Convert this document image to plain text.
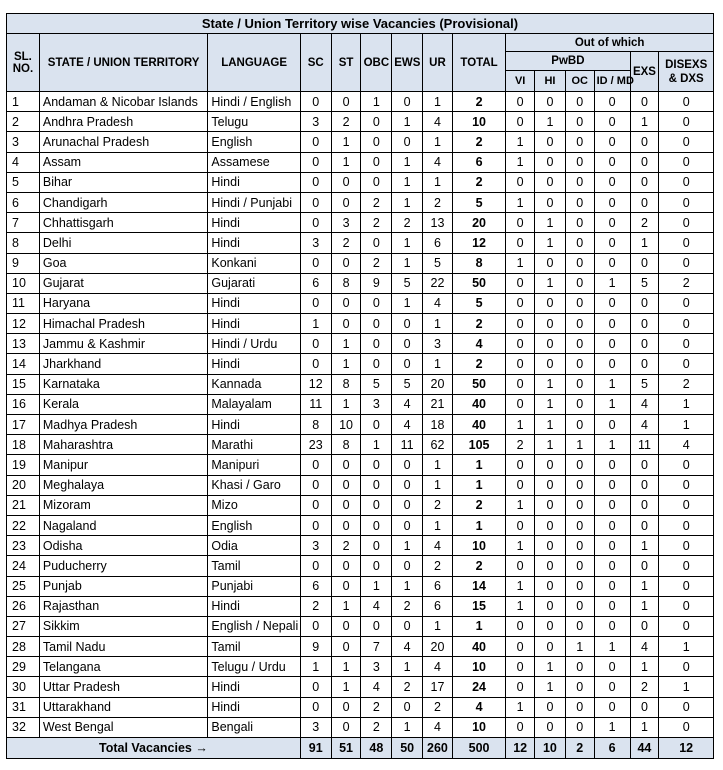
State / Union Territory wise Vacancies (Provisional)														
SL. NO.	STATE / UNION TERRITORY	LANGUAGE	SC	ST	OBC	EWS	UR	TOTAL	Out of which					
									PwBD				EXS	DISEXS & DXS
									VI	HI	OC	ID / MD		
1	Andaman & Nicobar Islands	Hindi / English	0	0	1	0	1	2	0	0	0	0	0	0
2	Andhra Pradesh	Telugu	3	2	0	1	4	10	0	1	0	0	1	0
3	Arunachal Pradesh	English	0	1	0	0	1	2	1	0	0	0	0	0
4	Assam	Assamese	0	1	0	1	4	6	1	0	0	0	0	0
5	Bihar	Hindi	0	0	0	1	1	2	0	0	0	0	0	0
6	Chandigarh	Hindi / Punjabi	0	0	2	1	2	5	1	0	0	0	0	0
7	Chhattisgarh	Hindi	0	3	2	2	13	20	0	1	0	0	2	0
8	Delhi	Hindi	3	2	0	1	6	12	0	1	0	0	1	0
9	Goa	Konkani	0	0	2	1	5	8	1	0	0	0	0	0
10	Gujarat	Gujarati	6	8	9	5	22	50	0	1	0	1	5	2
11	Haryana	Hindi	0	0	0	1	4	5	0	0	0	0	0	0
12	Himachal Pradesh	Hindi	1	0	0	0	1	2	0	0	0	0	0	0
13	Jammu & Kashmir	Hindi / Urdu	0	1	0	0	3	4	0	0	0	0	0	0
14	Jharkhand	Hindi	0	1	0	0	1	2	0	0	0	0	0	0
15	Karnataka	Kannada	12	8	5	5	20	50	0	1	0	1	5	2
16	Kerala	Malayalam	11	1	3	4	21	40	0	1	0	1	4	1
17	Madhya Pradesh	Hindi	8	10	0	4	18	40	1	1	0	0	4	1
18	Maharashtra	Marathi	23	8	1	11	62	105	2	1	1	1	11	4
19	Manipur	Manipuri	0	0	0	0	1	1	0	0	0	0	0	0
20	Meghalaya	Khasi / Garo	0	0	0	0	1	1	0	0	0	0	0	0
21	Mizoram	Mizo	0	0	0	0	2	2	1	0	0	0	0	0
22	Nagaland	English	0	0	0	0	1	1	0	0	0	0	0	0
23	Odisha	Odia	3	2	0	1	4	10	1	0	0	0	1	0
24	Puducherry	Tamil	0	0	0	0	2	2	0	0	0	0	0	0
25	Punjab	Punjabi	6	0	1	1	6	14	1	0	0	0	1	0
26	Rajasthan	Hindi	2	1	4	2	6	15	1	0	0	0	1	0
27	Sikkim	English / Nepali	0	0	0	0	1	1	0	0	0	0	0	0
28	Tamil Nadu	Tamil	9	0	7	4	20	40	0	0	1	1	4	1
29	Telangana	Telugu / Urdu	1	1	3	1	4	10	0	1	0	0	1	0
30	Uttar Pradesh	Hindi	0	1	4	2	17	24	0	1	0	0	2	1
31	Uttarakhand	Hindi	0	0	2	0	2	4	1	0	0	0	0	0
32	West Bengal	Bengali	3	0	2	1	4	10	0	0	0	1	1	0
Total Vacancies →			91	51	48	50	260	500	12	10	2	6	44	12
